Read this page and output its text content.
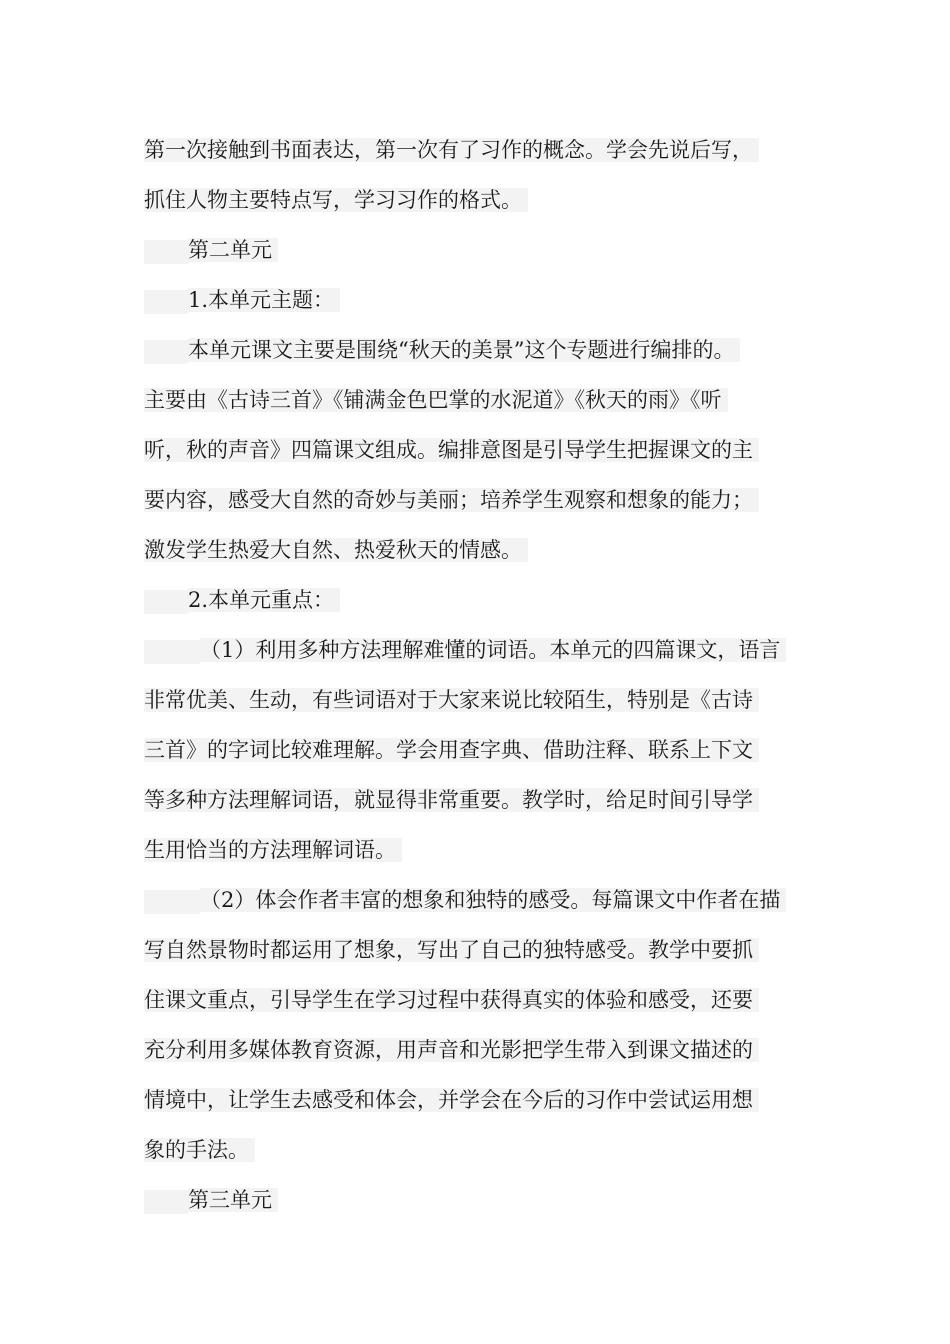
第一次接触到书面表达，第一次有了习作的概念。学会先说后写，
抓住人物主要特点写，学习习作的格式。
第二单元
1.本单元主题：
本单元课文主要是围绕“秋天的美景”这个专题进行编排的。
主要由《古诗三首》《铺满金色巴掌的水泥道》《秋天的雨》《听
听，秋的声音》四篇课文组成。编排意图是引导学生把握课文的主
要内容，感受大自然的奇妙与美丽；培养学生观察和想象的能力；
激发学生热爱大自然、热爱秋天的情感。
2.本单元重点：
（1）利用多种方法理解难懂的词语。本单元的四篇课文，语言
非常优美、生动，有些词语对于大家来说比较陌生，特别是《古诗
三首》的字词比较难理解。学会用查字典、借助注释、联系上下文
等多种方法理解词语，就显得非常重要。教学时，给足时间引导学
生用恰当的方法理解词语。
（2）体会作者丰富的想象和独特的感受。每篇课文中作者在描
写自然景物时都运用了想象，写出了自己的独特感受。教学中要抓
住课文重点，引导学生在学习过程中获得真实的体验和感受，还要
充分利用多媒体教育资源，用声音和光影把学生带入到课文描述的
情境中，让学生去感受和体会，并学会在今后的习作中尝试运用想
象的手法。
第三单元
